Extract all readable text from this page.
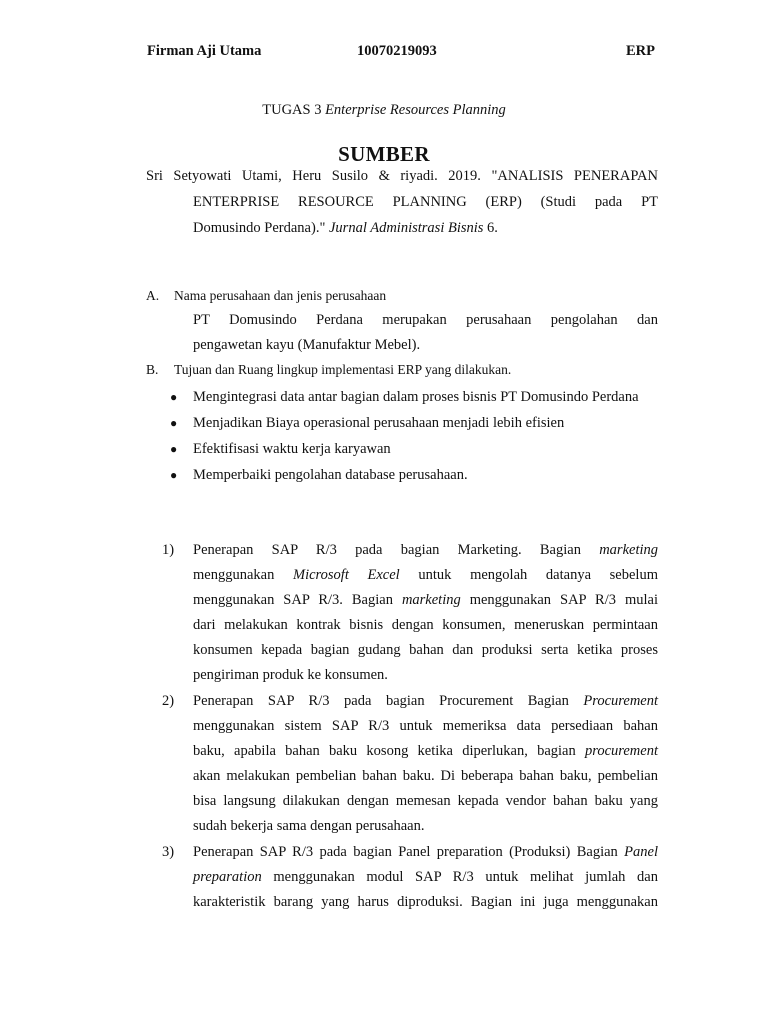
Firman Aji Utama	10070219093	ERP
TUGAS 3 Enterprise Resources Planning
SUMBER

Sri Setyowati Utami, Heru Susilo & riyadi. 2019. "ANALISIS PENERAPAN

ENTERPRISE RESOURCE PLANNING (ERP) (Studi pada PT

Domusindo Perdana)." Jurnal Administrasi Bisnis 6.

A. Nama perusahaan dan jenis perusahaan

PT Domusindo Perdana merupakan perusahaan pengolahan dan

pengawetan kayu (Manufaktur Mebel).

B. Tujuan dan Ruang lingkup implementasi ERP yang dilakukan.
● Mengintegrasi data antar bagian dalam proses bisnis PT Domusindo Perdana
● Menjadikan Biaya operasional perusahaan menjadi lebih efisien
● Efektifisasi waktu kerja karyawan
● Memperbaiki pengolahan database perusahaan.
1) Penerapan SAP R/3 pada bagian Marketing. Bagian marketing

menggunakan Microsoft Excel untuk mengolah datanya sebelum

menggunakan SAP R/3. Bagian marketing menggunakan SAP R/3 mulai

dari melakukan kontrak bisnis dengan konsumen, meneruskan permintaan

konsumen kepada bagian gudang bahan dan produksi serta ketika proses

pengiriman produk ke konsumen.

2) Penerapan SAP R/3 pada bagian Procurement Bagian Procurement

menggunakan sistem SAP R/3 untuk memeriksa data persediaan bahan

baku, apabila bahan baku kosong ketika diperlukan, bagian procurement

akan melakukan pembelian bahan baku. Di beberapa bahan baku, pembelian

bisa langsung dilakukan dengan memesan kepada vendor bahan baku yang

sudah bekerja sama dengan perusahaan.

3) Penerapan SAP R/3 pada bagian Panel preparation (Produksi) Bagian Panel

preparation menggunakan modul SAP R/3 untuk melihat jumlah dan

karakteristik barang yang harus diproduksi. Bagian ini juga menggunakan
